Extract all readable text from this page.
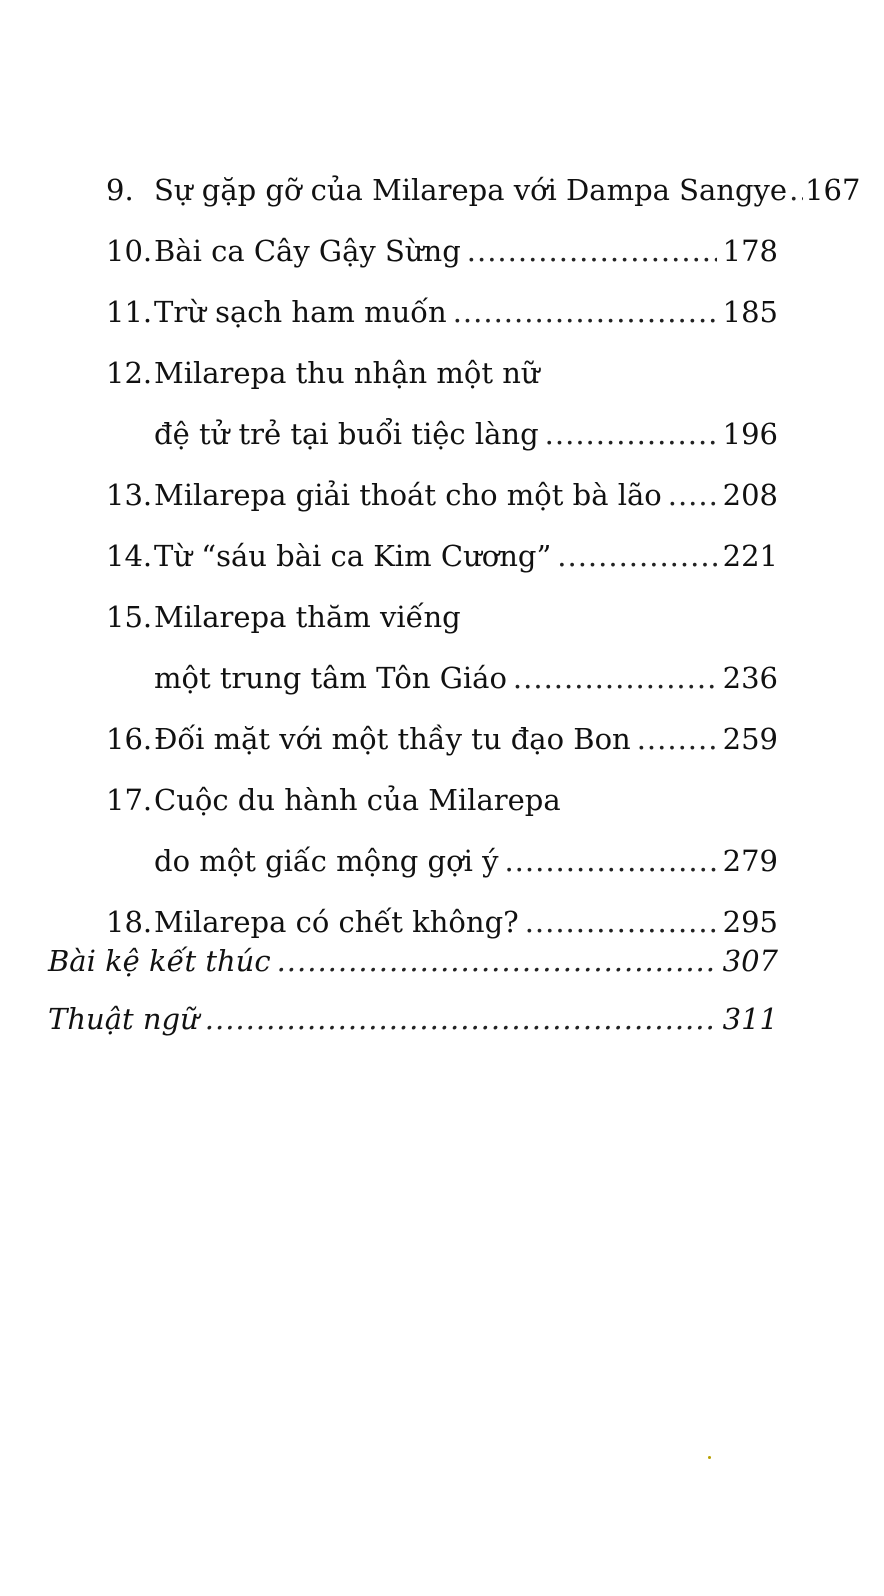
9. Sự gặp gỡ của Milarepa với Dampa Sangye ..... 167
10. Bài ca Cây Gậy Sừng .....	178
11. Trừ sạch ham muốn .....	185
12. Milarepa thu nhận một nữ
đệ tử trẻ tại buổi tiệc làng .....	196
13. Milarepa giải thoát cho một bà lão ..... 208
14. Từ “sáu bài ca Kim Cương” .....	221
15. Milarepa thăm viếng
một trung tâm Tôn Giáo .....	236
16. Đối mặt với một thầy tu đạo Bon .....	259
17. Cuộc du hành của Milarepa
do một giấc mộng gợi ý .....	279
18. Milarepa có chết không? .....	295
Bài kệ kết thúc .....	307
Thuật ngữ .....	311
